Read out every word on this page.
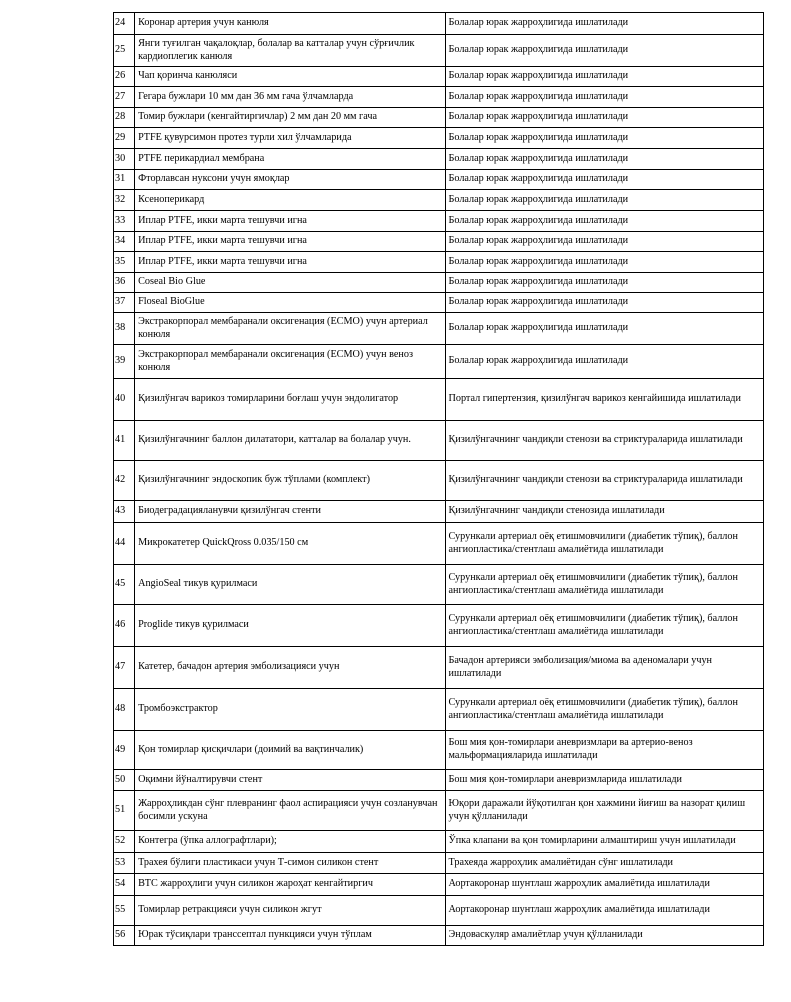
24	Коронар артерия учун канюля	Болалар юрак жарроҳлигида ишлатилади
25	Янги туғилган чақалоқлар, болалар ва катталар учун сўрғичлик кардиоплегик канюля	Болалар юрак жарроҳлигида ишлатилади
26	Чап қоринча канюляси	Болалар юрак жарроҳлигида ишлатилади
27	Гегара бужлари 10 мм дан 36 мм гача ўлчамларда	Болалар юрак жарроҳлигида ишлатилади
28	Томир бужлари (кенгайтиргичлар) 2 мм дан 20 мм гача	Болалар юрак жарроҳлигида ишлатилади
29	PTFE қувурсимон протез турли хил ўлчамларида	Болалар юрак жарроҳлигида ишлатилади
30	PTFE перикардиал мембрана	Болалар юрак жарроҳлигида ишлатилади
31	Фторлавсан нуксони учун ямоқлар	Болалар юрак жарроҳлигида ишлатилади
32	Ксеноперикард	Болалар юрак жарроҳлигида ишлатилади
33	Иплар PTFE, икки марта тешувчи игна	Болалар юрак жарроҳлигида ишлатилади
34	Иплар PTFE, икки марта тешувчи игна	Болалар юрак жарроҳлигида ишлатилади
35	Иплар PTFE, икки марта тешувчи игна	Болалар юрак жарроҳлигида ишлатилади
36	Coseal Bio Glue	Болалар юрак жарроҳлигида ишлатилади
37	Floseal BioGlue	Болалар юрак жарроҳлигида ишлатилади
38	Экстракорпорал мембаранали оксигенация (ECMO) учун артериал конюля	Болалар юрак жарроҳлигида ишлатилади
39	Экстракорпорал мембаранали оксигенация (ECMO) учун веноз конюля	Болалар юрак жарроҳлигида ишлатилади
40	Қизилўнгач варикоз томирларини боғлаш учун эндолигатор	Портал гипертензия, қизилўнгач варикоз кенгайишида ишлатилади
41	Қизилўнгачнинг баллон дилататори, катталар ва болалар учун.	Қизилўнгачнинг чандиқли стенози ва стриктураларида ишлатилади
42	Қизилўнгачнинг эндоскопик буж тўплами (комплект)	Қизилўнгачнинг чандиқли стенози ва стриктураларида ишлатилади
43	Биодеградацияланувчи қизилўнгач стенти	Қизилўнгачнинг чандиқли стенозида ишлатилади
44	Микрокатетер QuickQross 0.035/150 см	Сурункали артериал оёқ етишмовчилиги (диабетик тўпиқ), баллон ангиопластика/стентлаш амалиётида ишлатилади
45	AngioSeal тикув қурилмаси	Сурункали артериал оёқ етишмовчилиги (диабетик тўпиқ), баллон ангиопластика/стентлаш амалиётида ишлатилади
46	Proglide тикув қурилмаси	Сурункали артериал оёқ етишмовчилиги (диабетик тўпиқ), баллон ангиопластика/стентлаш амалиётида ишлатилади
47	Катетер, бачадон артерия эмболизацияси учун	Бачадон артерияси эмболизация/миома ва аденомалари учун ишлатилади
48	Тромбоэкстрактор	Сурункали артериал оёқ етишмовчилиги (диабетик тўпиқ), баллон ангиопластика/стентлаш амалиётида ишлатилади
49	Қон томирлар қисқичлари (доимий ва вақтинчалик)	Бош мия қон-томирлари аневризмлари ва артерио-веноз мальформацияларида ишлатилади
50	Оқимни йўналтирувчи стент	Бош мия қон-томирлари аневризмларида ишлатилади
51	Жарроҳликдан сўнг плевранинг фаол аспирацияси учун созланувчан босимли ускуна	Юқори даражали йўқотилган қон хажмини йиғиш ва назорат қилиш учун қўлланилади
52	Контегра (ўпка аллографтлари);	Ўпка клапани ва қон томирларини алмаштириш учун ишлатилади
53	Трахея бўлиги пластикаси учун Т-симон силикон стент	Трахеяда жарроҳлик амалиётидан сўнг ишлатилади
54	ВТС жарроҳлиги учун силикон жароҳат кенгайтиргич	Аортакоронар шунтлаш жарроҳлик амалиётида ишлатилади
55	Томирлар ретракцияси учун силикон жгут	Аортакоронар шунтлаш жарроҳлик амалиётида ишлатилади
56	Юрак тўсиқлари транссептал пункцияси учун тўплам	Эндоваскуляр амалиётлар учун қўлланилади
